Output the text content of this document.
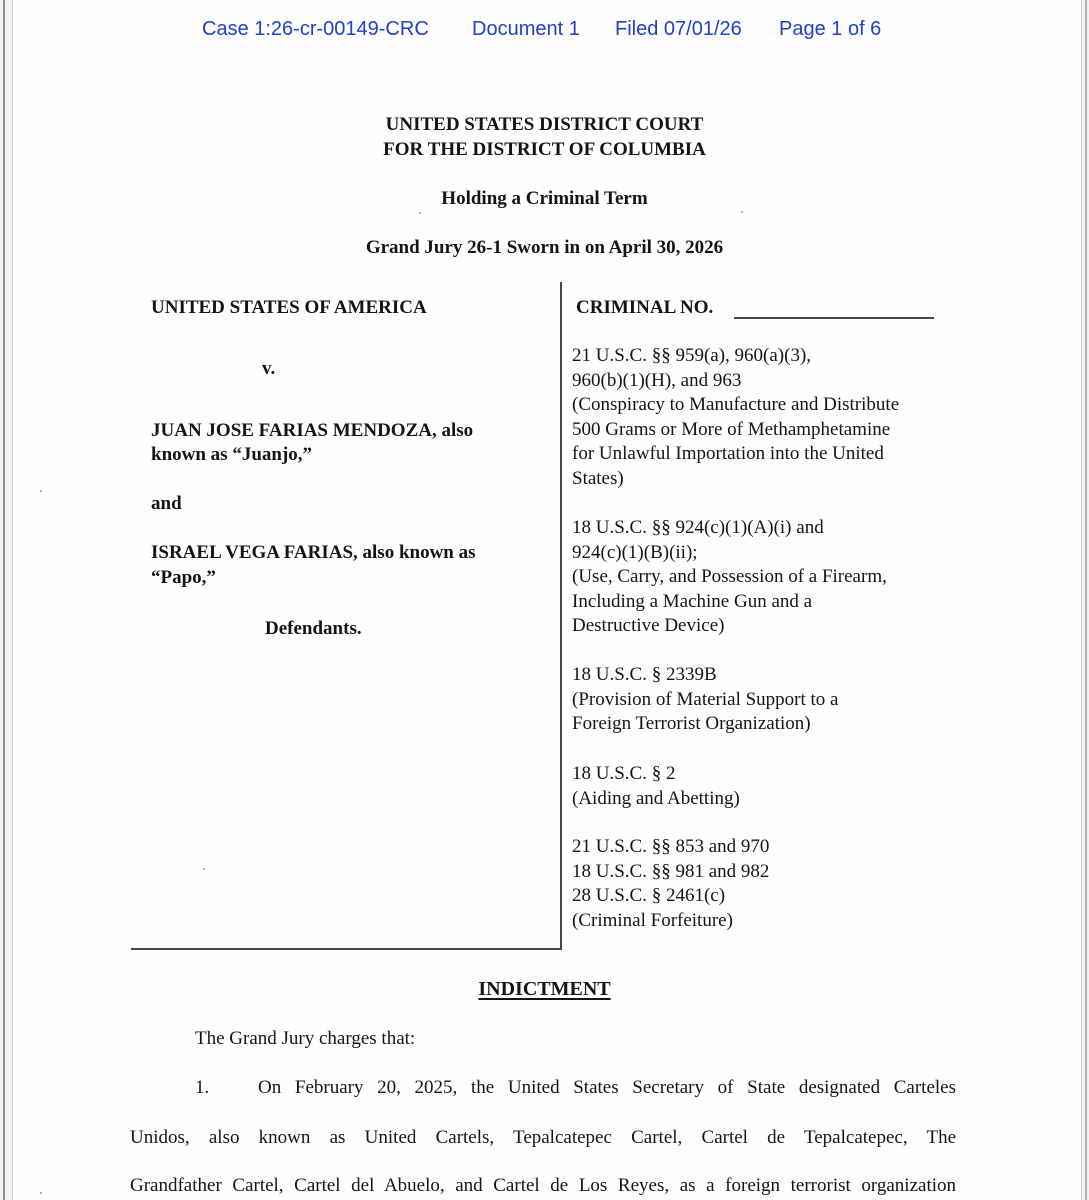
Case 1:26-cr-00149-CRC Document 1 Filed 07/01/26 Page 1 of 6
UNITED STATES DISTRICT COURT
FOR THE DISTRICT OF COLUMBIA
Holding a Criminal Term
Grand Jury 26-1 Sworn in on April 30, 2026
UNITED STATES OF AMERICA
v.
JUAN JOSE FARIAS MENDOZA, also
known as “Juanjo,”
and
ISRAEL VEGA FARIAS, also known as
“Papo,”
Defendants.
CRIMINAL NO.
21 U.S.C. §§ 959(a), 960(a)(3),
960(b)(1)(H), and 963
(Conspiracy to Manufacture and Distribute
500 Grams or More of Methamphetamine
for Unlawful Importation into the United
States)
18 U.S.C. §§ 924(c)(1)(A)(i) and
924(c)(1)(B)(ii);
(Use, Carry, and Possession of a Firearm,
Including a Machine Gun and a
Destructive Device)
18 U.S.C. § 2339B
(Provision of Material Support to a
Foreign Terrorist Organization)
18 U.S.C. § 2
(Aiding and Abetting)
21 U.S.C. §§ 853 and 970
18 U.S.C. §§ 981 and 982
28 U.S.C. § 2461(c)
(Criminal Forfeiture)
INDICTMENT
The Grand Jury charges that:
1.	On February 20, 2025, the United States Secretary of State designated Carteles
Unidos, also known as United Cartels, Tepalcatepec Cartel, Cartel de Tepalcatepec, The
Grandfather Cartel, Cartel del Abuelo, and Cartel de Los Reyes, as a foreign terrorist organization
